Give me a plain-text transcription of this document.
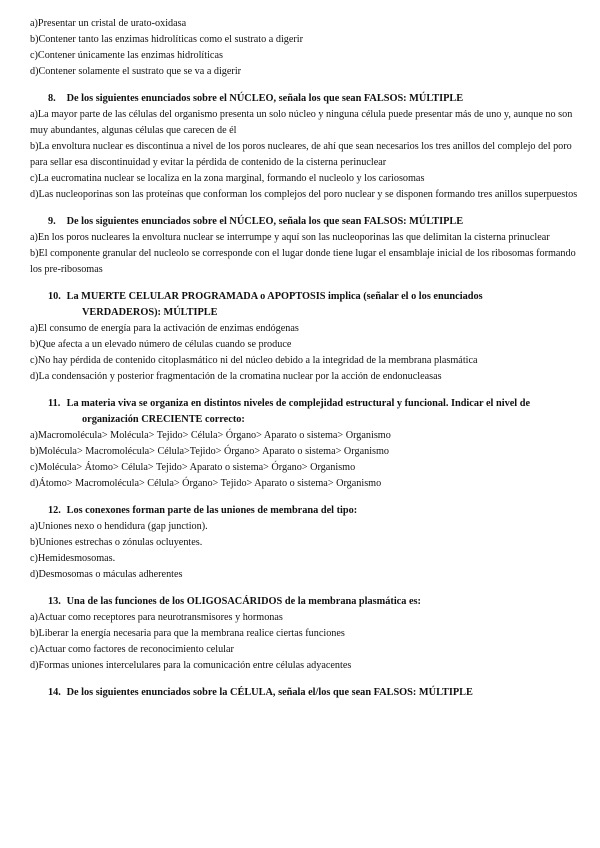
a)Presentar un cristal de urato-oxidasa

b)Contener tanto las enzimas hidrolíticas como el sustrato a digerir

c)Contener únicamente las enzimas hidrolíticas

d)Contener solamente el sustrato que se va a digerir

8. De los siguientes enunciados sobre el NÚCLEO, señala los que sean FALSOS: MÚLTIPLE

a)La mayor parte de las células del organismo presenta un solo núcleo y ninguna célula puede presentar más de uno y, aunque no son muy abundantes, algunas células que carecen de él

b)La envoltura nuclear es discontinua a nivel de los poros nucleares, de ahí que sean necesarios los tres anillos del complejo del poro para sellar esa discontinuidad y evitar la pérdida de contenido de la cisterna perinuclear

c)La eucromatina nuclear se localiza en la zona marginal, formando el nucleolo y los cariosomas

d)Las nucleoporinas son las proteínas que conforman los complejos del poro nuclear y se disponen formando tres anillos superpuestos

9. De los siguientes enunciados sobre el NÚCLEO, señala los que sean FALSOS: MÚLTIPLE

a)En los poros nucleares la envoltura nuclear se interrumpe y aquí son las nucleoporinas las que delimitan la cisterna prinuclear

b)El componente granular del nucleolo se corresponde con el lugar donde tiene lugar el ensamblaje inicial de los ribosomas formando los pre-ribosomas

10. La MUERTE CELULAR PROGRAMADA o APOPTOSIS implica (señalar el o los enunciados
VERDADEROS): MÚLTIPLE

a)El consumo de energía para la activación de enzimas endógenas

b)Que afecta a un elevado número de células cuando se produce

c)No hay pérdida de contenido citoplasmático ni del núcleo debido a la integridad de la membrana plasmática

d)La condensación y posterior fragmentación de la cromatina nuclear por la acción de endonucleasas

11. La materia viva se organiza en distintos niveles de complejidad estructural y funcional. Indicar el nivel de
organización CRECIENTE correcto:

a)Macromolécula> Molécula> Tejido> Célula> Órgano> Aparato o sistema> Organismo

b)Molécula> Macromolécula> Célula>Tejido> Órgano> Aparato o sistema> Organismo

c)Molécula> Átomo> Célula> Tejido> Aparato o sistema> Órgano> Organismo

d)Átomo> Macromolécula> Célula> Órgano> Tejido> Aparato o sistema> Organismo

12. Los conexones forman parte de las uniones de membrana del tipo:

a)Uniones nexo o hendidura (gap junction).

b)Uniones estrechas o zónulas ocluyentes.

c)Hemidesmosomas.

d)Desmosomas o máculas adherentes

13. Una de las funciones de los OLIGOSACÁRIDOS de la membrana plasmática es:

a)Actuar como receptores para neurotransmisores y hormonas

b)Liberar la energía necesaria para que la membrana realice ciertas funciones

c)Actuar como factores de reconocimiento celular

d)Formas uniones intercelulares para la comunicación entre células adyacentes

14. De los siguientes enunciados sobre la CÉLULA, señala el/los que sean FALSOS: MÚLTIPLE
